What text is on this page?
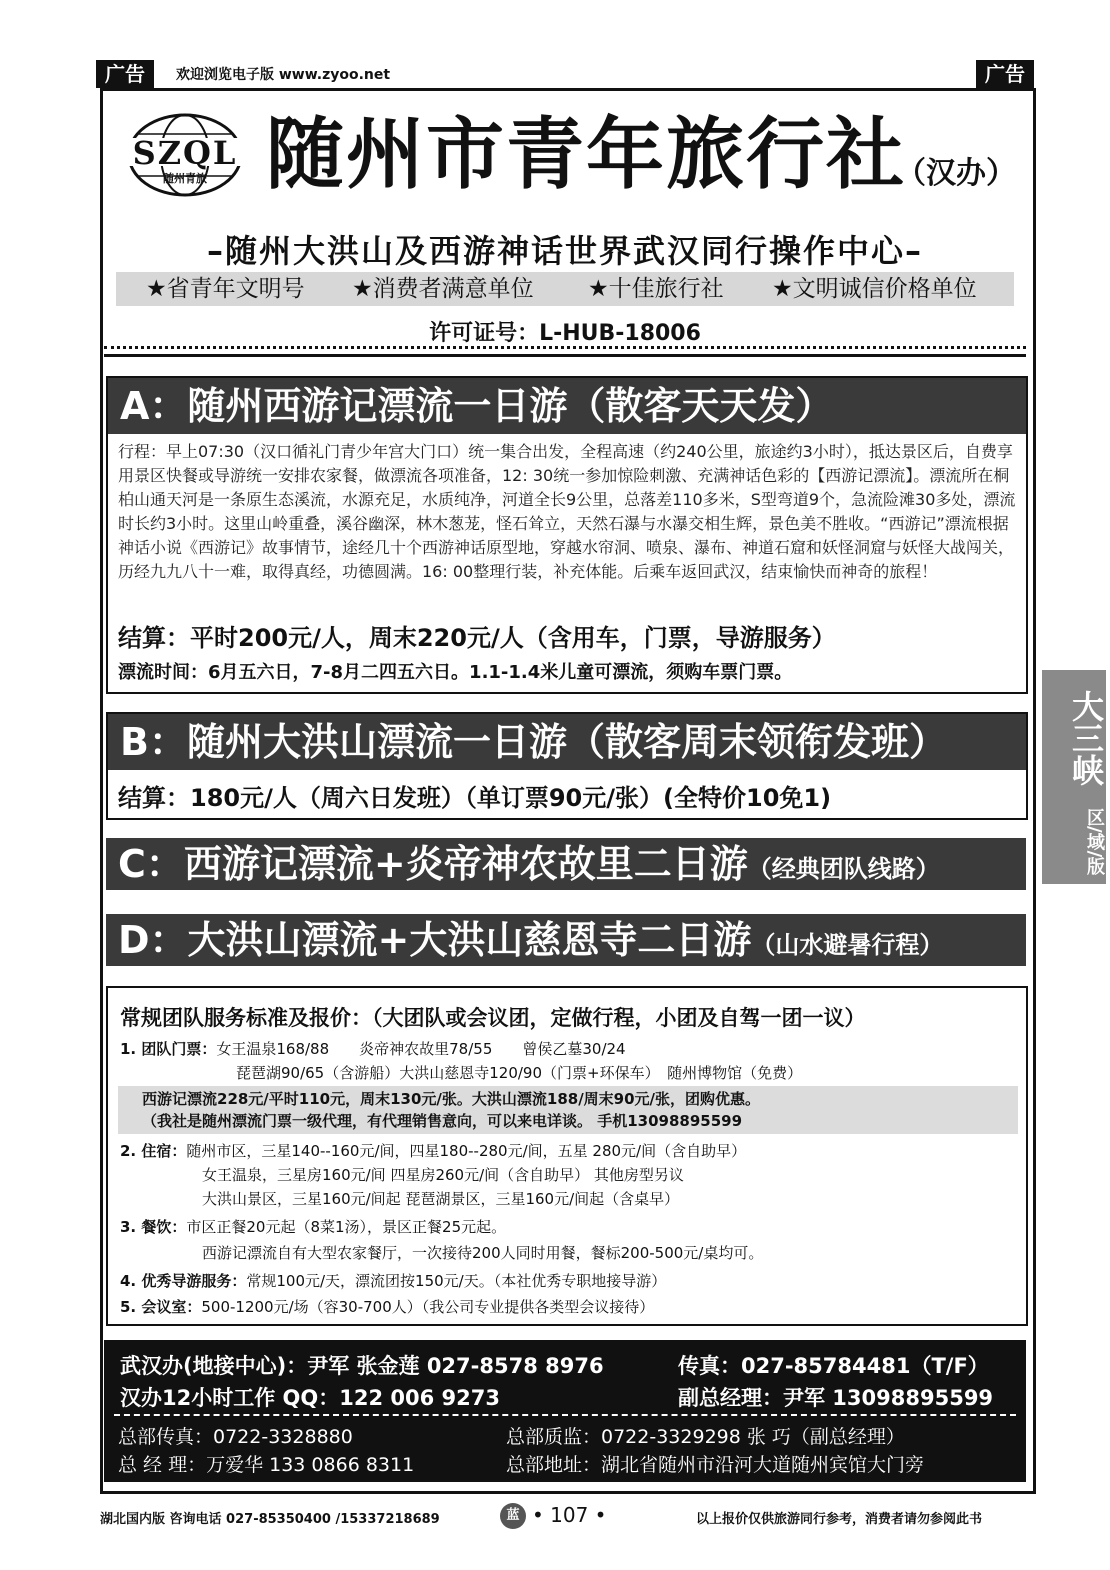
广告	欢迎浏览电子版 www.zyoo.net	广告
SZQL
随州青旅 随州市青年旅行社
（汉办）
–随州大洪山及西游神话世界武汉同行操作中心–
★省青年文明号 ★消费者满意单位 ★十佳旅行社 ★文明诚信价格单位
许可证号：L-HUB-18006
A：随州西游记漂流一日游（散客天天发）
行程：早上07:30（汉口循礼门青少年宫大门口）统一集合出发，全程高速（约240公里，旅途约3小时），抵达景区后，自费享用景区快餐或导游统一安排农家餐，做漂流各项准备，12: 30统一参加惊险刺激、充满神话色彩的【西游记漂流】。漂流所在桐柏山通天河是一条原生态溪流，水源充足，水质纯净，河道全长9公里，总落差110多米，S型弯道9个，急流险滩30多处，漂流时长约3小时。这里山岭重叠，溪谷幽深，林木葱茏，怪石耸立，天然石瀑与水瀑交相生辉，景色美不胜收。“西游记”漂流根据神话小说《西游记》故事情节，途经几十个西游神话原型地，穿越水帘洞、喷泉、瀑布、神道石窟和妖怪洞窟与妖怪大战闯关，历经九九八十一难，取得真经，功德圆满。16: 00整理行装，补充体能。后乘车返回武汉，结束愉快而神奇的旅程！
结算：平时200元/人，周末220元/人（含用车，门票，导游服务）
漂流时间：6月五六日，7-8月二四五六日。1.1-1.4米儿童可漂流，须购车票门票。
B：随州大洪山漂流一日游（散客周末领衔发班）
结算：180元/人（周六日发班）（单订票90元/张）(全特价10免1)
C：西游记漂流+炎帝神农故里二日游（经典团队线路）
D：大洪山漂流+大洪山慈恩寺二日游（山水避暑行程）
常规团队服务标准及报价：（大团队或会议团，定做行程，小团及自驾一团一议）
1. 团队门票：女王温泉168/88　　炎帝神农故里78/55　　曾侯乙墓30/24
琵琶湖90/65（含游船）大洪山慈恩寺120/90（门票+环保车）　随州博物馆（免费）
西游记漂流228元/平时110元，周末130元/张。大洪山漂流188/周末90元/张，团购优惠。
（我社是随州漂流门票一级代理，有代理销售意向，可以来电详谈。 手机13098895599
2. 住宿：随州市区，三星140--160元/间，四星180--280元/间，五星 280元/间（含自助早）
女王温泉，三星房160元/间 四星房260元/间（含自助早） 其他房型另议
大洪山景区，三星160元/间起 琵琶湖景区，三星160元/间起（含桌早）
3. 餐饮：市区正餐20元起（8菜1汤），景区正餐25元起。
西游记漂流自有大型农家餐厅，一次接待200人同时用餐，餐标200-500元/桌均可。
4. 优秀导游服务：常规100元/天，漂流团按150元/天。（本社优秀专职地接导游）
5. 会议室：500-1200元/场（容30-700人）（我公司专业提供各类型会议接待）
武汉办(地接中心)：尹军 张金莲 027-8578 8976	传真：027-85784481（T/F）
汉办12小时工作 QQ：122 006 9273	副总经理：尹军 13098895599
总部传真：0722-3328880	总部质监：0722-3329298 张 巧（副总经理）
总 经 理：万爱华 133 0866 8311	总部地址：湖北省随州市沿河大道随州宾馆大门旁
大三峡
区/域/版
湖北国内版 咨询电话 027-85350400 /15337218689	蓝 • 107 •	以上报价仅供旅游同行参考，消费者请勿参阅此书
